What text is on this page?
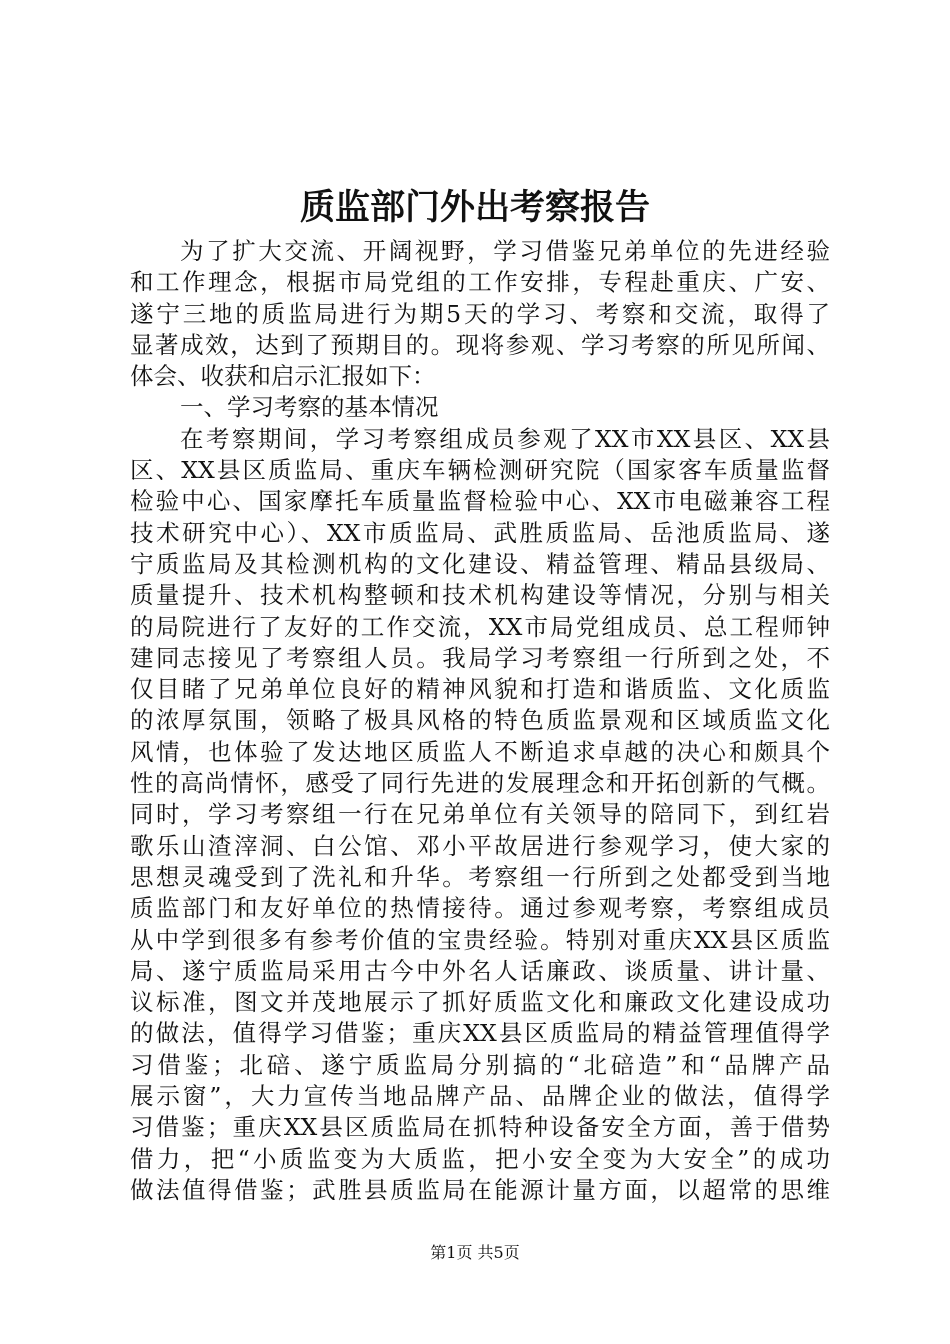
质监部门外出考察报告
为了扩大交流、开阔视野，学习借鉴兄弟单位的先进经验
和工作理念，根据市局党组的工作安排，专程赴重庆、广安、
遂宁三地的质监局进行为期5天的学习、考察和交流，取得了
显著成效，达到了预期目的。现将参观、学习考察的所见所闻、
体会、收获和启示汇报如下：
一、学习考察的基本情况
在考察期间，学习考察组成员参观了XX市XX县区、XX县
区、XX县区质监局、重庆车辆检测研究院（国家客车质量监督
检验中心、国家摩托车质量监督检验中心、XX市电磁兼容工程
技术研究中心）、XX市质监局、武胜质监局、岳池质监局、遂
宁质监局及其检测机构的文化建设、精益管理、精品县级局、
质量提升、技术机构整顿和技术机构建设等情况，分别与相关
的局院进行了友好的工作交流，XX市局党组成员、总工程师钟
建同志接见了考察组人员。我局学习考察组一行所到之处，不
仅目睹了兄弟单位良好的精神风貌和打造和谐质监、文化质监
的浓厚氛围，领略了极具风格的特色质监景观和区域质监文化
风情，也体验了发达地区质监人不断追求卓越的决心和颇具个
性的高尚情怀，感受了同行先进的发展理念和开拓创新的气概。
同时，学习考察组一行在兄弟单位有关领导的陪同下，到红岩
歌乐山渣滓洞、白公馆、邓小平故居进行参观学习，使大家的
思想灵魂受到了洗礼和升华。考察组一行所到之处都受到当地
质监部门和友好单位的热情接待。通过参观考察，考察组成员
从中学到很多有参考价值的宝贵经验。特别对重庆XX县区质监
局、遂宁质监局采用古今中外名人话廉政、谈质量、讲计量、
议标准，图文并茂地展示了抓好质监文化和廉政文化建设成功
的做法，值得学习借鉴；重庆XX县区质监局的精益管理值得学
习借鉴；北碚、遂宁质监局分别搞的“北碚造”和“品牌产品
展示窗”，大力宣传当地品牌产品、品牌企业的做法，值得学
习借鉴；重庆XX县区质监局在抓特种设备安全方面，善于借势
借力，把“小质监变为大质监，把小安全变为大安全”的成功
做法值得借鉴；武胜县质监局在能源计量方面，以超常的思维
第1页 共5页
